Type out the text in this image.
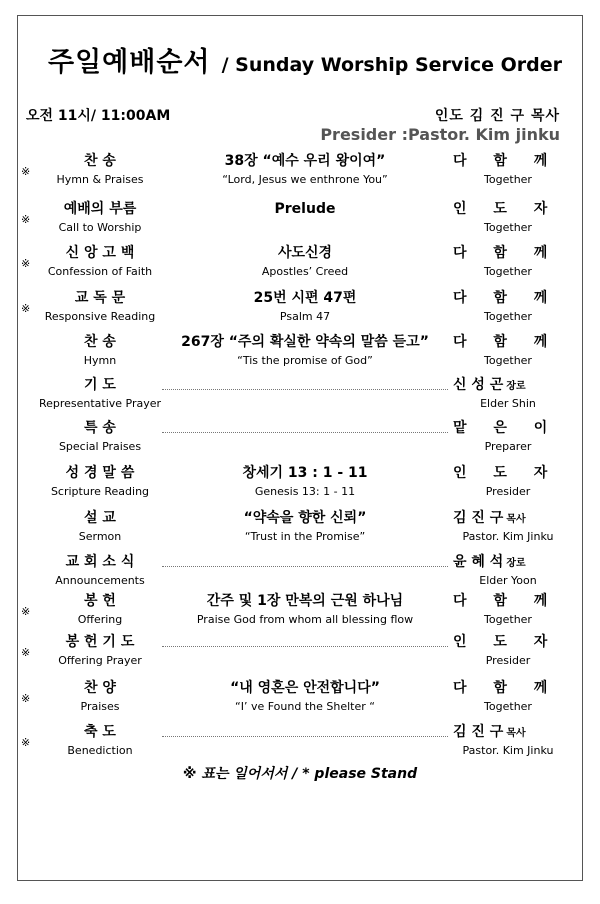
주일예배순서 / Sunday Worship Service Order
오전 11시/ 11:00AM	인도 김 진 구 목사
Presider :Pastor. Kim jinku
※
찬 송
Hymn & Praises
38장 “예수 우리 왕이여”
“Lord, Jesus we enthrone You”
다 함 께
Together
※
예배의 부름
Call to Worship
Prelude	인 도 자
Together
※
신 앙 고 백
Confession of Faith
사도신경
Apostles’ Creed
다 함 께
Together
※
교 독 문
Responsive Reading
25번 시편 47편
Psalm 47
다 함 께
Together
찬 송
Hymn
267장 “주의 확실한 약속의 말씀 듣고”
“Tis the promise of God”
다 함 께
Together
기 도
Representative Prayer
신 성 곤 장로
Elder Shin
특 송
Special Praises
맡 은 이
Preparer
성 경 말 씀
Scripture Reading
창세기 13 : 1 - 11
Genesis 13: 1 - 11
인 도 자
Presider
설 교
Sermon
“약속을 향한 신뢰”
“Trust in the Promise”
김 진 구 목사
Pastor. Kim Jinku
교 회 소 식
Announcements
윤 혜 석 장로
Elder Yoon
※
봉 헌
Offering
간주 및 1장 만복의 근원 하나님
Praise God from whom all blessing flow
다 함 께
Together
※
봉 헌 기 도
Offering Prayer
인 도 자
Presider
※
찬 양
Praises
“내 영혼은 안전합니다”
“I’ ve Found the Shelter “
다 함 께
Together
※
축 도
Benediction
김 진 구 목사
Pastor. Kim Jinku
※ 표는 일어서서 / * please Stand
